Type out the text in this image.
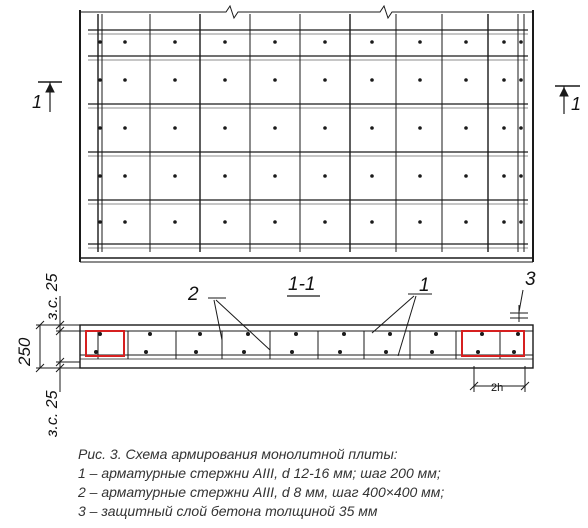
1	1
1-1
2	1	3
2h
з.с. 25
250
з.с. 25
Рис. 3. Схема армирования монолитной плиты:
1 – арматурные стержни AIII, d 12-16 мм; шаг 200 мм;
2 – арматурные стержни AIII, d 8 мм, шаг 400×400 мм;
3 – защитный слой бетона толщиной 35 мм
